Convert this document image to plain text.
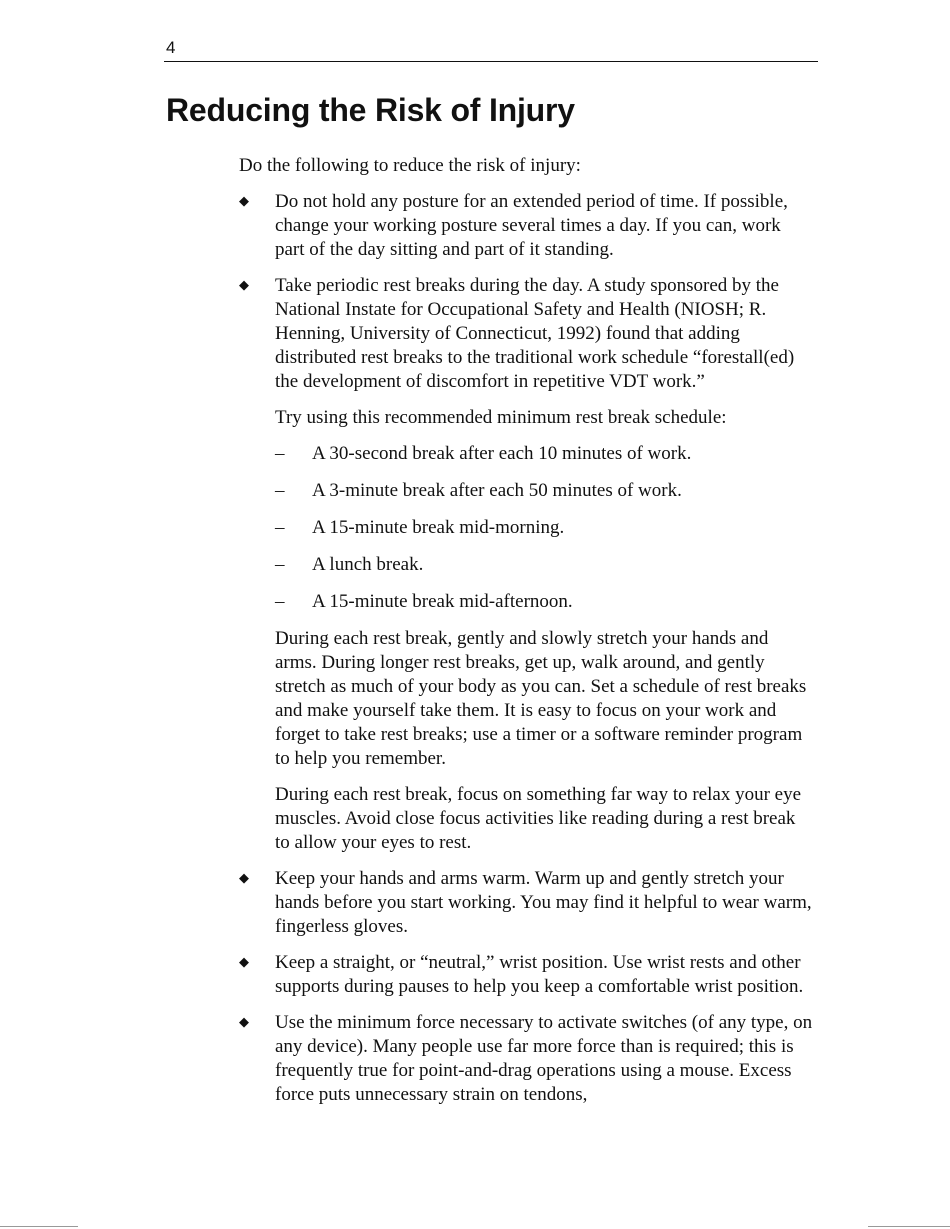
4
Reducing the Risk of Injury

Do the following to reduce the risk of injury:

◆ Do not hold any posture for an extended period of time. If possible, change your working posture several times a day. If you can, work part of the day sitting and part of it standing.

◆ Take periodic rest breaks during the day. A study sponsored by the National Instate for Occupational Safety and Health (NIOSH; R. Henning, University of Connecticut, 1992) found that adding distributed rest breaks to the traditional work schedule “forestall(ed) the development of discomfort in repetitive VDT work.”

Try using this recommended minimum rest break schedule:

– A 30-second break after each 10 minutes of work.
– A 3-minute break after each 50 minutes of work.
– A 15-minute break mid-morning.
– A lunch break.
– A 15-minute break mid-afternoon.

During each rest break, gently and slowly stretch your hands and arms. During longer rest breaks, get up, walk around, and gently stretch as much of your body as you can. Set a schedule of rest breaks and make yourself take them. It is easy to focus on your work and forget to take rest breaks; use a timer or a software reminder program to help you remember.

During each rest break, focus on something far way to relax your eye muscles. Avoid close focus activities like reading during a rest break to allow your eyes to rest.

◆ Keep your hands and arms warm. Warm up and gently stretch your hands before you start working. You may find it helpful to wear warm, fingerless gloves.

◆ Keep a straight, or “neutral,” wrist position. Use wrist rests and other supports during pauses to help you keep a comfortable wrist position.

◆ Use the minimum force necessary to activate switches (of any type, on any device). Many people use far more force than is required; this is frequently true for point-and-drag operations using a mouse. Excess force puts unnecessary strain on tendons,
